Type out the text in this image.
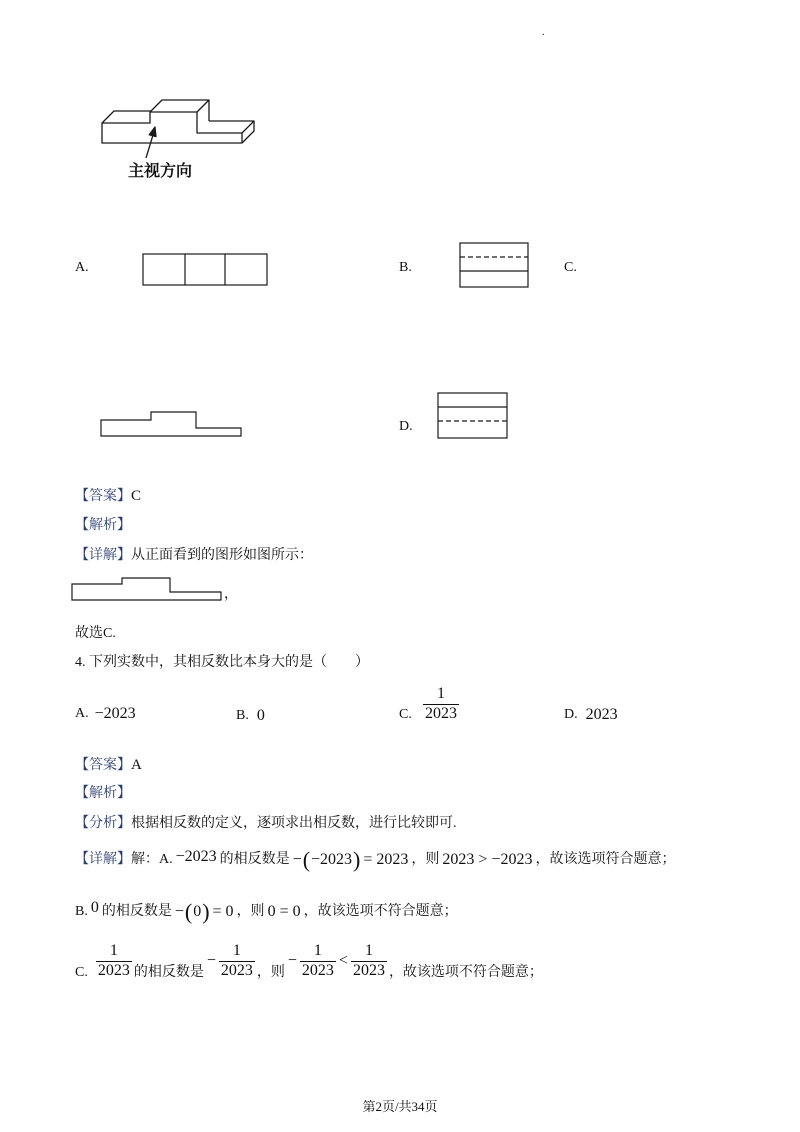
.
主视方向
A.	B.	C.
D.
【答案】 C
【解析】
【详解】 从正面看到的图形如图所示：
，
故选C.
4. 下列实数中，其相反数比本身大的是（　　）
A. −2023	B. 0	C. $\frac{1}{2023}$	D. 2023
【答案】 A
【解析】
【分析】 根据相反数的定义，逐项求出相反数，进行比较即可.
【详解】 解：A. −2023 的相反数是 − ( −2023 ) = 2023 ，则 2023 > −2023 ，故该选项符合题意；
B. 0 的相反数是 − ( 0 ) = 0 ，则 0 = 0 ，故该选项不符合题意；
C. $\frac{1}{2023}$ 的相反数是
− $\frac{1}{2023}$ ，则
− $\frac{1}{2023} < \frac{1}{2023}$ ，故该选项不符合题意；
第2页/共34页
